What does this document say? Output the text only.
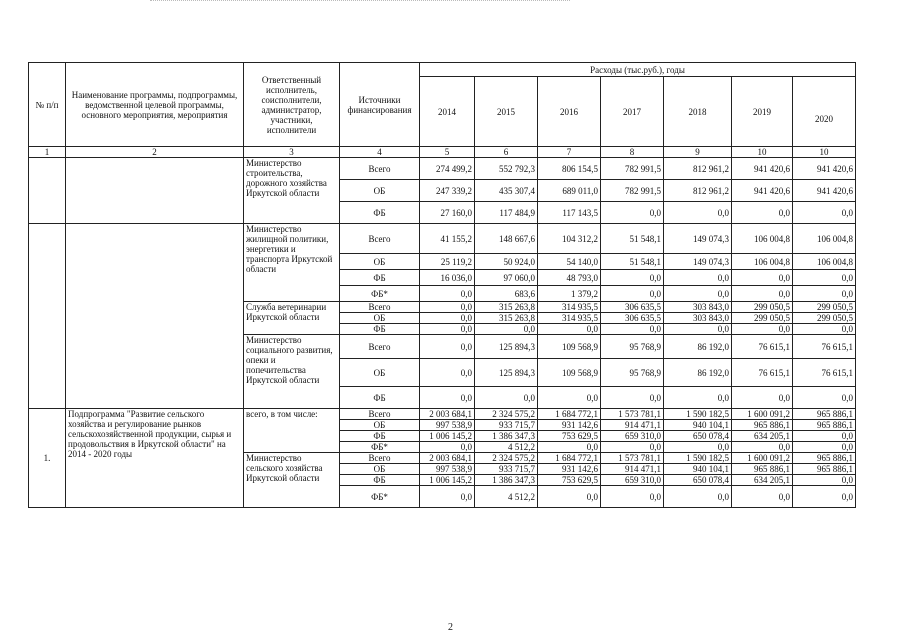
№ п/п	Наименование программы, подпрограммы, ведомственной целевой программы, основного мероприятия, мероприятия	Ответственный исполнитель, соисполнители, администратор, участники, исполнители	Источники финансирования	Расходы (тыс.руб.), годы						
				2014	2015	2016	2017	2018	2019	2020
1	2	3	4	5	6	7	8	9	10	10
		Министерство строительства, дорожного хозяйства Иркутской области	Всего	274 499,2	552 792,3	806 154,5	782 991,5	812 961,2	941 420,6	941 420,6
			ОБ	247 339,2	435 307,4	689 011,0	782 991,5	812 961,2	941 420,6	941 420,6
			ФБ	27 160,0	117 484,9	117 143,5	0,0	0,0	0,0	0,0
		Министерство жилищной политики, энергетики и транспорта Иркутской области	Всего	41 155,2	148 667,6	104 312,2	51 548,1	149 074,3	106 004,8	106 004,8
			ОБ	25 119,2	50 924,0	54 140,0	51 548,1	149 074,3	106 004,8	106 004,8
			ФБ	16 036,0	97 060,0	48 793,0	0,0	0,0	0,0	0,0
			ФБ*	0,0	683,6	1 379,2	0,0	0,0	0,0	0,0
		Служба ветеринарии Иркутской области	Всего	0,0	315 263,8	314 935,5	306 635,5	303 843,0	299 050,5	299 050,5
			ОБ	0,0	315 263,8	314 935,5	306 635,5	303 843,0	299 050,5	299 050,5
			ФБ	0,0	0,0	0,0	0,0	0,0	0,0	0,0
		Министерство социального развития, опеки и попечительства Иркутской области	Всего	0,0	125 894,3	109 568,9	95 768,9	86 192,0	76 615,1	76 615,1
			ОБ	0,0	125 894,3	109 568,9	95 768,9	86 192,0	76 615,1	76 615,1
			ФБ	0,0	0,0	0,0	0,0	0,0	0,0	0,0
1.	Подпрограмма "Развитие сельского хозяйства и регулирование рынков сельскохозяйственной продукции, сырья и продовольствия в Иркутской области" на 2014 - 2020 годы	всего, в том числе:	Всего	2 003 684,1	2 324 575,2	1 684 772,1	1 573 781,1	1 590 182,5	1 600 091,2	965 886,1
			ОБ	997 538,9	933 715,7	931 142,6	914 471,1	940 104,1	965 886,1	965 886,1
			ФБ	1 006 145,2	1 386 347,3	753 629,5	659 310,0	650 078,4	634 205,1	0,0
			ФБ*	0,0	4 512,2	0,0	0,0	0,0	0,0	0,0
		Министерство сельского хозяйства Иркутской области	Всего	2 003 684,1	2 324 575,2	1 684 772,1	1 573 781,1	1 590 182,5	1 600 091,2	965 886,1
			ОБ	997 538,9	933 715,7	931 142,6	914 471,1	940 104,1	965 886,1	965 886,1
			ФБ	1 006 145,2	1 386 347,3	753 629,5	659 310,0	650 078,4	634 205,1	0,0
			ФБ*	0,0	4 512,2	0,0	0,0	0,0	0,0	0,0
2
